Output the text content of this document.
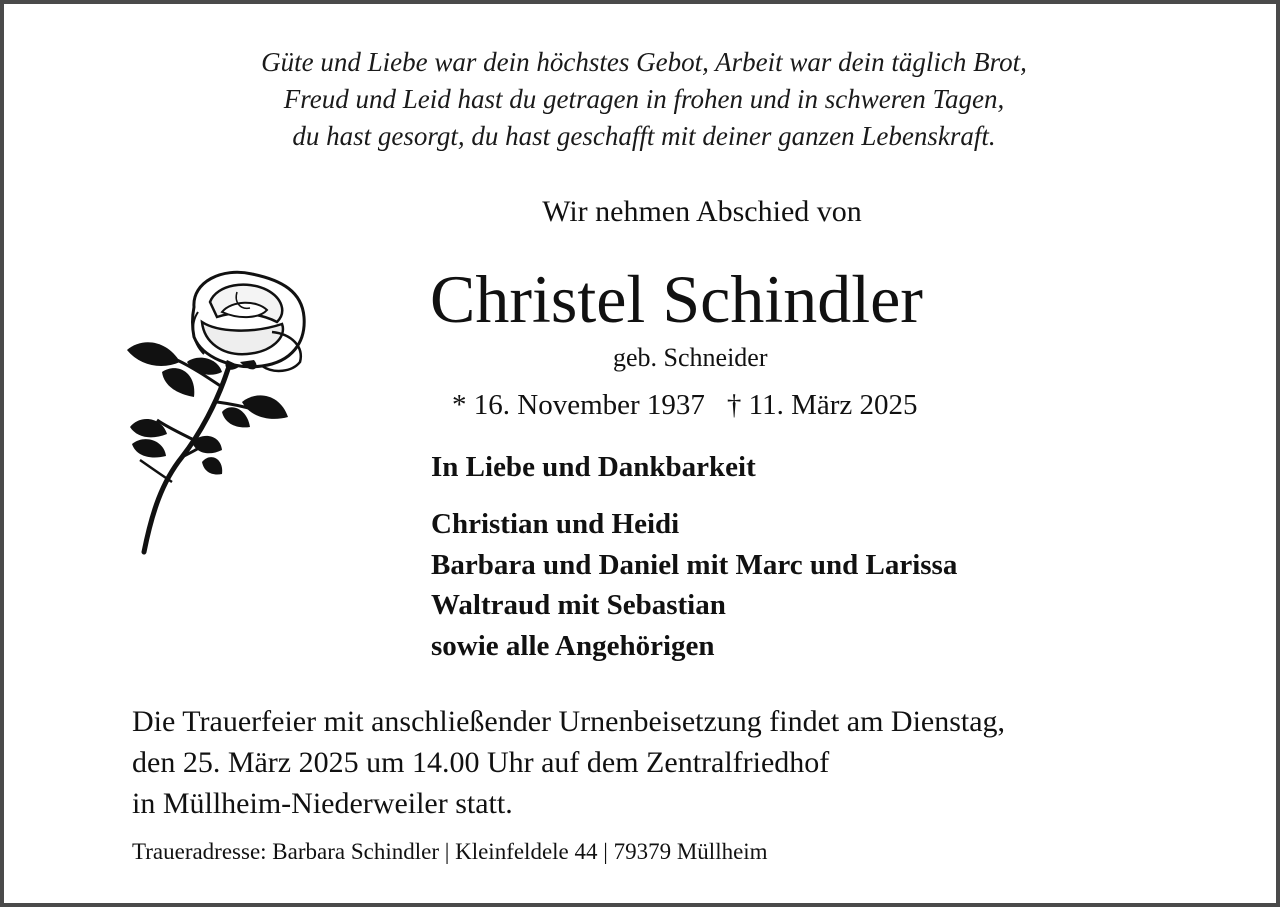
Güte und Liebe war dein höchstes Gebot, Arbeit war dein täglich Brot,
Freud und Leid hast du getragen in frohen und in schweren Tagen,
du hast gesorgt, du hast geschafft mit deiner ganzen Lebenskraft.
Wir nehmen Abschied von
Christel Schindler
geb. Schneider
* 16. November 1937 † 11. März 2025
In Liebe und Dankbarkeit
Christian und Heidi
Barbara und Daniel mit Marc und Larissa
Waltraud mit Sebastian
sowie alle Angehörigen
Die Trauerfeier mit anschließender Urnenbeisetzung findet am Dienstag,
den 25. März 2025 um 14.00 Uhr auf dem Zentralfriedhof
in Müllheim-Niederweiler statt.
Traueradresse: Barbara Schindler | Kleinfeldele 44 | 79379 Müllheim
